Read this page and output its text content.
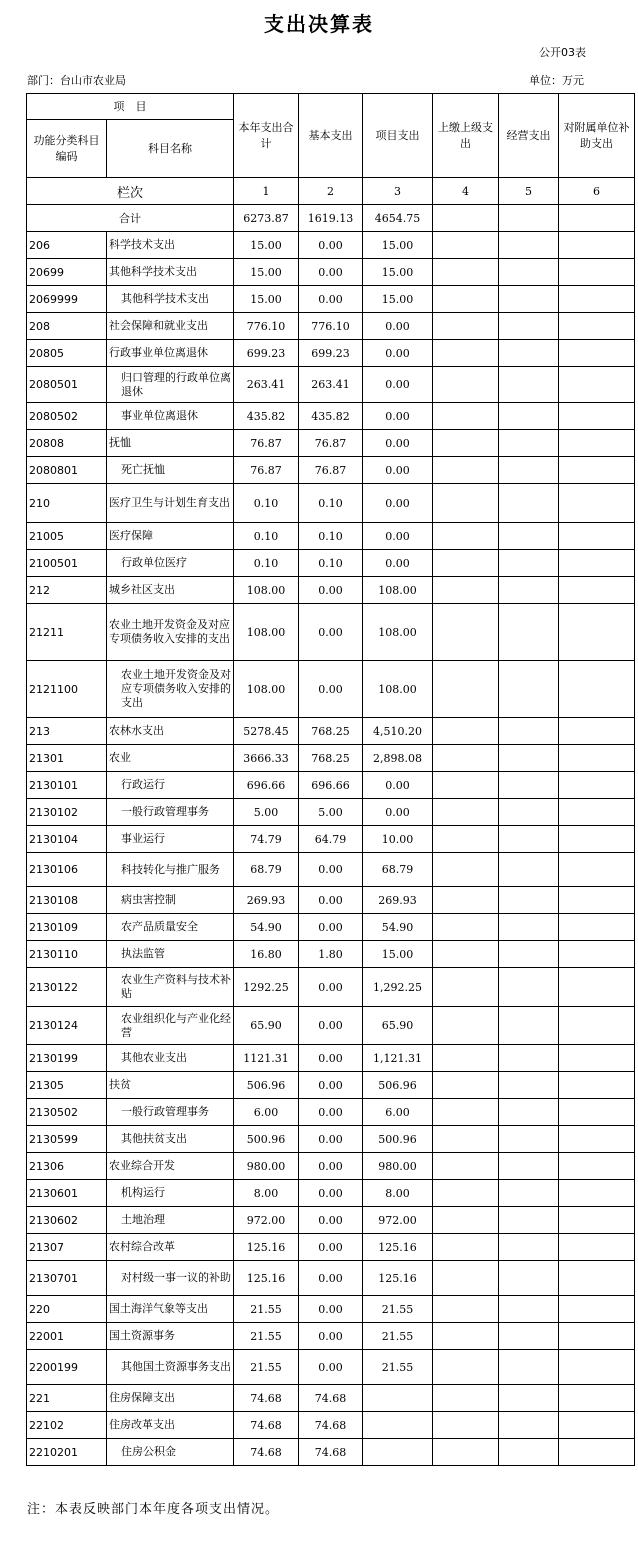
支出决算表
公开03表
部门：台山市农业局	单位：万元
项　目		本年支出合计	基本支出	项目支出	上缴上级支出	经营支出	对附属单位补助支出
功能分类科目编码	科目名称						
栏次		1	2	3	4	5	6
合计		6273.87	1619.13	4654.75			
206	科学技术支出	15.00	0.00	15.00			
20699	其他科学技术支出	15.00	0.00	15.00			
2069999	其他科学技术支出	15.00	0.00	15.00			
208	社会保障和就业支出	776.10	776.10	0.00			
20805	行政事业单位离退休	699.23	699.23	0.00			
2080501	归口管理的行政单位离退休	263.41	263.41	0.00			
2080502	事业单位离退休	435.82	435.82	0.00			
20808	抚恤	76.87	76.87	0.00			
2080801	死亡抚恤	76.87	76.87	0.00			
210	医疗卫生与计划生育支出	0.10	0.10	0.00			
21005	医疗保障	0.10	0.10	0.00			
2100501	行政单位医疗	0.10	0.10	0.00			
212	城乡社区支出	108.00	0.00	108.00			
21211	农业土地开发资金及对应专项债务收入安排的支出	108.00	0.00	108.00			
2121100	农业土地开发资金及对应专项债务收入安排的支出	108.00	0.00	108.00			
213	农林水支出	5278.45	768.25	4,510.20			
21301	农业	3666.33	768.25	2,898.08			
2130101	行政运行	696.66	696.66	0.00			
2130102	一般行政管理事务	5.00	5.00	0.00			
2130104	事业运行	74.79	64.79	10.00			
2130106	科技转化与推广服务	68.79	0.00	68.79			
2130108	病虫害控制	269.93	0.00	269.93			
2130109	农产品质量安全	54.90	0.00	54.90			
2130110	执法监管	16.80	1.80	15.00			
2130122	农业生产资料与技术补贴	1292.25	0.00	1,292.25			
2130124	农业组织化与产业化经营	65.90	0.00	65.90			
2130199	其他农业支出	1121.31	0.00	1,121.31			
21305	扶贫	506.96	0.00	506.96			
2130502	一般行政管理事务	6.00	0.00	6.00			
2130599	其他扶贫支出	500.96	0.00	500.96			
21306	农业综合开发	980.00	0.00	980.00			
2130601	机构运行	8.00	0.00	8.00			
2130602	土地治理	972.00	0.00	972.00			
21307	农村综合改革	125.16	0.00	125.16			
2130701	对村级一事一议的补助	125.16	0.00	125.16			
220	国土海洋气象等支出	21.55	0.00	21.55			
22001	国土资源事务	21.55	0.00	21.55			
2200199	其他国土资源事务支出	21.55	0.00	21.55			
221	住房保障支出	74.68	74.68				
22102	住房改革支出	74.68	74.68				
2210201	住房公积金	74.68	74.68				
注：本表反映部门本年度各项支出情况。
